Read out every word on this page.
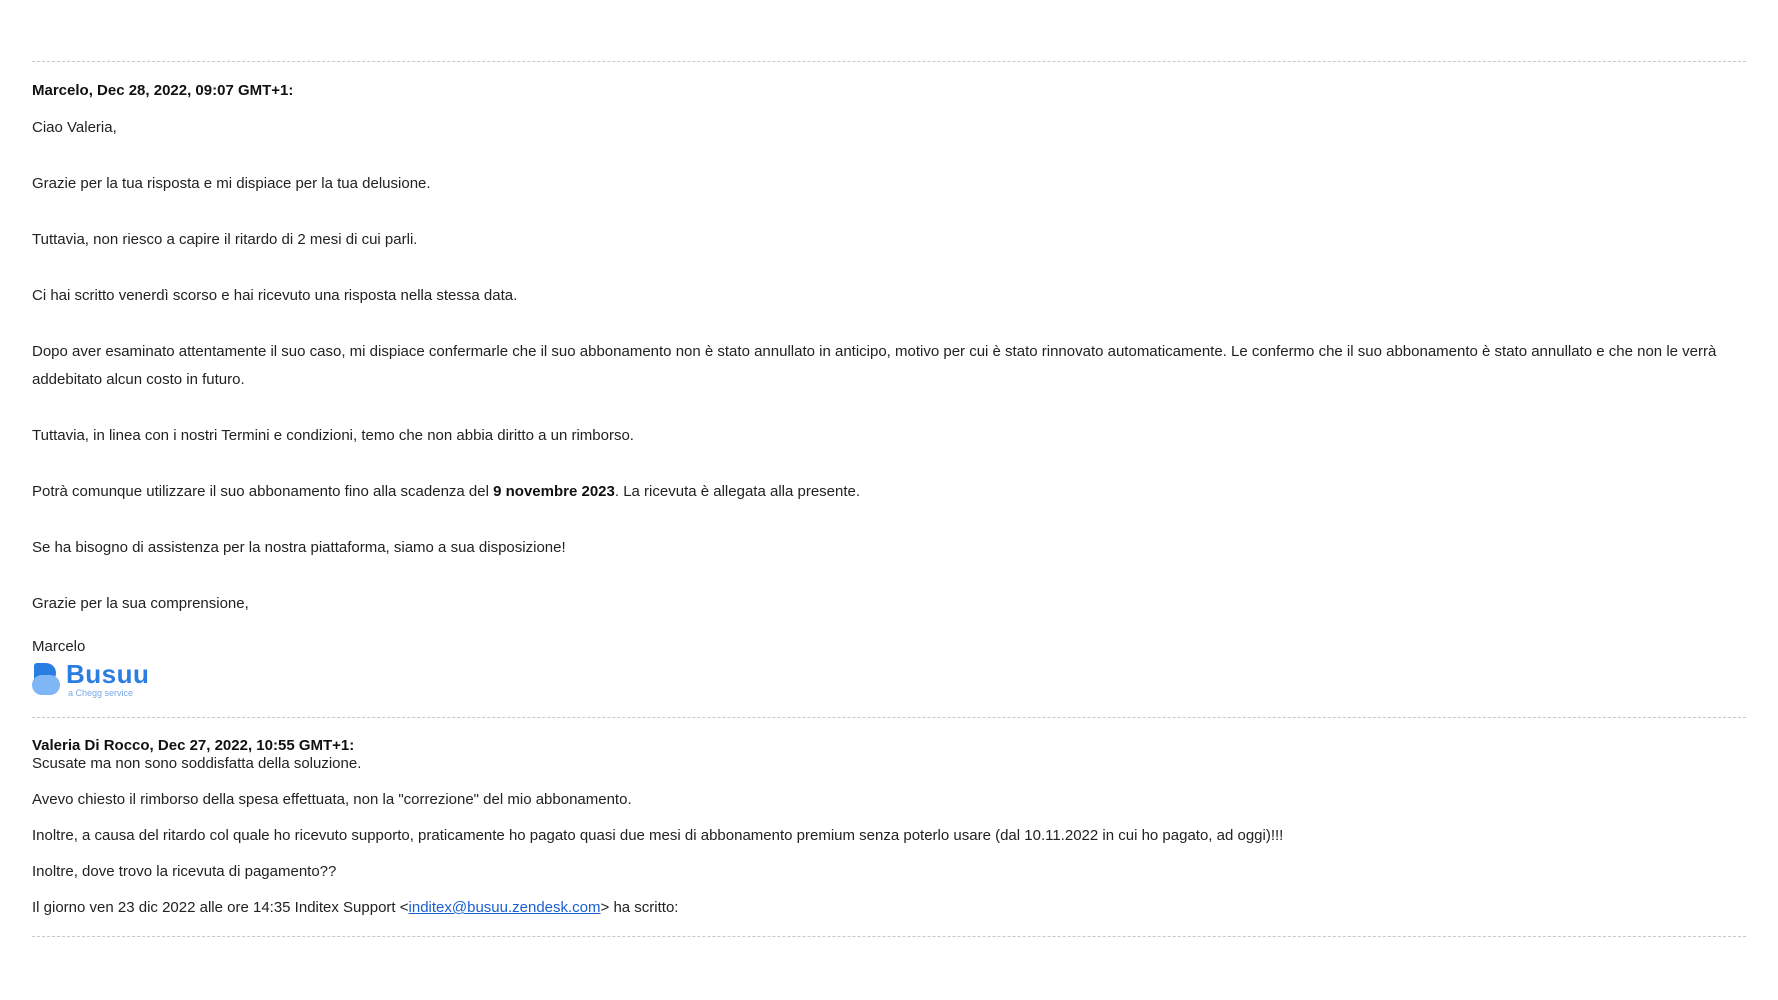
Marcelo, Dec 28, 2022, 09:07 GMT+1:

Ciao Valeria,

Grazie per la tua risposta e mi dispiace per la tua delusione.

Tuttavia, non riesco a capire il ritardo di 2 mesi di cui parli.

Ci hai scritto venerdì scorso e hai ricevuto una risposta nella stessa data.

Dopo aver esaminato attentamente il suo caso, mi dispiace confermarle che il suo abbonamento non è stato annullato in anticipo, motivo per cui è stato rinnovato automaticamente. Le confermo che il suo abbonamento è stato annullato e che non le verrà addebitato alcun costo in futuro.

Tuttavia, in linea con i nostri Termini e condizioni, temo che non abbia diritto a un rimborso.

Potrà comunque utilizzare il suo abbonamento fino alla scadenza del 9 novembre 2023. La ricevuta è allegata alla presente.

Se ha bisogno di assistenza per la nostra piattaforma, siamo a sua disposizione!

Grazie per la sua comprensione,

Marcelo

Busuu
a Chegg service
Valeria Di Rocco, Dec 27, 2022, 10:55 GMT+1:

Scusate ma non sono soddisfatta della soluzione.

Avevo chiesto il rimborso della spesa effettuata, non la "correzione" del mio abbonamento.

Inoltre, a causa del ritardo col quale ho ricevuto supporto, praticamente ho pagato quasi due mesi di abbonamento premium senza poterlo usare (dal 10.11.2022 in cui ho pagato, ad oggi)!!!

Inoltre, dove trovo la ricevuta di pagamento??

Il giorno ven 23 dic 2022 alle ore 14:35 Inditex Support <inditex@busuu.zendesk.com> ha scritto:
